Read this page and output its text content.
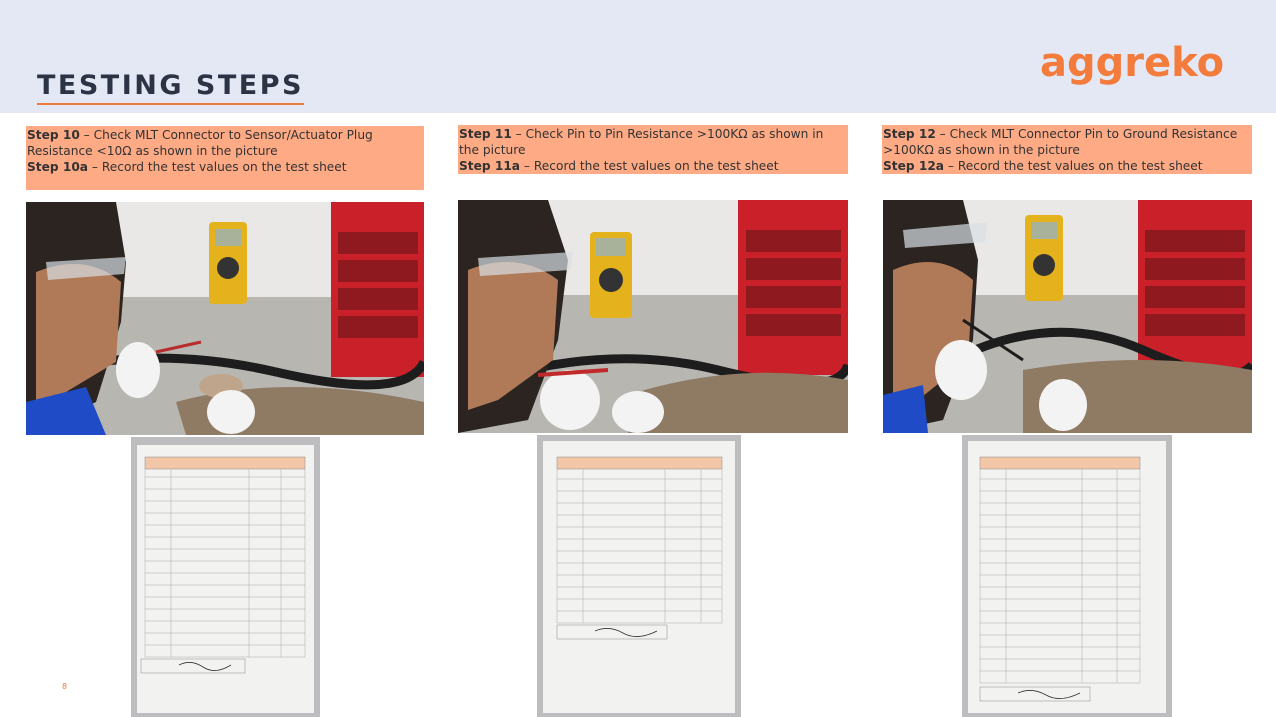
TESTING STEPS	aggreko
Step 10 – Check MLT Connector to Sensor/Actuator Plug Resistance <10Ω as shown in the picture
Step 10a – Record the test values on the test sheet
Step 11 – Check Pin to Pin Resistance >100KΩ as shown in the picture
Step 11a – Record the test values on the test sheet
Step 12 – Check MLT Connector Pin to Ground Resistance >100KΩ as shown in the picture
Step 12a – Record the test values on the test sheet
8
